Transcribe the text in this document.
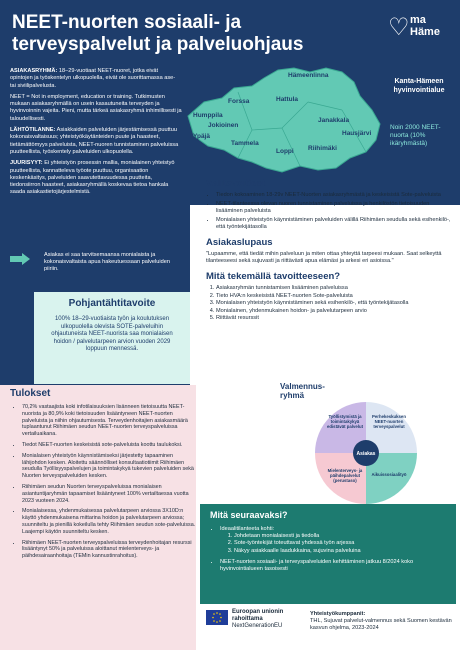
NEET-nuorten sosiaali- ja terveyspalvelut ja palveluohjaus
♡ ma
Häme
Kanta-Hämeen
hyvinvointialue

ASIAKASRYHMÄ: 18–29-vuotiaat NEET-nuoret, jotka eivät opintojen ja työskentelyn ulkopuolella, eivät ole suorittamassa ase- tai siviilipalvelusta.

NEET = Not in employment, education or training. Tutkimusten mukaan asiakasryhmällä on usein kasautuneita terveyden ja hyvinvoinnin vajeita. Pieni, mutta tärkeä asiakasryhmä inhimillisesti ja taloudellisesti.

LÄHTÖTILANNE: Asiakkaiden palveluiden järjestämisessä puuttuu kokonaisvaltaisuus; yhteistyökäytänteiden puute ja haasteet, tietämättömyys palveluista, NEET-nuoren tunnistaminen palveluissa puutteellista, työskentely palveluiden ulkopuolella.

JUURISYYT: Ei yhteistyön prosessin mallia, monialainen yhteistyö puutteellista, kannatteleva työote puuttuu, organisaation keskenkäsitys, palveluiden saavutettavuudessa puutteita, tiedonsiirron haasteet, asiakasryhmällä koskevaa tietoa hankala saada asiakastietojärjestelmistä.

Hämeenlinna
Forssa
Humppila
Jokioinen
Ypäjä
Tammela
Hattula
Janakkala
Hausjärvi
Loppi Riihimäki
Noin 2000 NEET-nuorta (10% ikäryhmästä)
Asiakas ei saa tarvitsemaansa monialaista ja kokonaisvaltaista apua hakeutuessaan palveluiden piiriin.
Pohjantähtitavoite
100% 18–29-vuotiaista työn ja koulutuksen ulkopuolella olevista SOTE-palveluihin ohjautuneista NEET-nuorista saa monialaisen hoidon / palvelutarpeen arvion vuoden 2029 loppuun mennessä.
Välitavoitteet
• Tiedon kokoaminen 18-29v NEET-Nuorten asiakasryhmästä ja keskeisistä Sote-palveluista
• NEET-tilanteessa olevan nuoren tunnistaminen palveluissa ja henkilöstön tietoisuuden lisääminen palveluista
• Monialaisen yhteistyön käynnistäminen palveluiden välillä Riihimäen seudulla sekä esihenkilö-, että työntekijätasolla
Asiakaslupaus

"Lupaamme, että tiedät mihin palveluun ja miten ottaa yhteyttä tarpeesi mukaan. Saat selkeyttä tilanteeseesi sekä sujuvasti ja riittävästi apua elämäsi ja arkesi eri asioissa."

Mitä tekemällä tavoitteeseen?
1. Asiakasryhmän tunnistamisen lisääminen palveluissa
2. Tieto HVA:n keskeisistä NEET-nuorten Sote-palveluista
3. Monialaisen yhteistyön käynnistäminen sekä esihenkilö-, että työntekijätasolla
4. Monialainen, yhdenmukainen hoidon- ja palvelutarpeen arvio
5. Riittävät resurssit
Tulokset
• 70,2% vastaajista koki infotilaisuuksien lisänneen tietoisuutta NEET-nuorista ja 80,9% koki tietoisuuden lisääntyneen NEET-nuorten palveluista ja niihin ohjautumisesta. Terveydenhoitajien asiakasmäärä tuplaantunut Riihimäen seudun NEET-nuorten terveyspalveluissa vertailuaikana.
• Tiedot NEET-nuorten keskeisistä sote-palveluista koottu taulukoksi.
• Monialaisen yhteistyön käynnistämiseksi järjestetty tapaaminen lähijohdon kesken. Aloitettu säännölliset konsultaatiotiimit Riihimäen seudulla Työllisyyspalvelujen ja toimintakykyä tukevien palveluiden sekä Nuorten terveyspalveluiden kesken.
• Riihimäen seudun Nuorten terveyspalveluissa monialaisen asiantuntijaryhmän tapaamiset lisääntyneet 100% vertailtaessa vuotta 2023 vuoteen 2024.
• Monialaisessa, yhdenmukaisessa palvelutarpeen arviossa 3X10D:n käyttö yhdenmukaisena mittarina hoidon ja palvelutarpeen arviossa; suunniteltu ja pienillä kokeilulla tehty Riihimäen seudun sote-palveluissa. Laajempi käytön suunniteltu kesken.
• Riihimäen NEET-nuorten terveyspalveluissa terveydenhoitajan resurssi lisääntynyt 50% ja palveluissa aloittanut mielenterveys- ja päihdesairaanhoitaja (TEMin kannustinrahoitus).
Valmennus-ryhmä
Asiakas
Työllistymistä ja toimintakykyä edistävät palvelut
Perhekeskuksen NEET-nuorten terveyspalvelut
Mielenterveys- ja päihdepalvelut (perustaso)
Aikuissosiaalityö
Mitä seuraavaksi?
• Ideaalitilanteeta kohti:
1. Johdetaan monialaisesti ja tiedolla
2. Sote-työntekijät toteuttavat yhdessä työn arjessa
3. Näkyy asiakkaalle laadukkaina, sujuvina palveluina
• NEET-nuorten sosiaali- ja terveyspalveluiden kehittäminen jatkuu 8/2024 koko hyvinvointialueen tasoisesti
Euroopan unionin
rahoittama
NextGenerationEU
Yhteistyökumppanit:
THL, Sujuvat palvelut-valmennus sekä Suomen kestävän kasvun ohjelma, 2023-2024
